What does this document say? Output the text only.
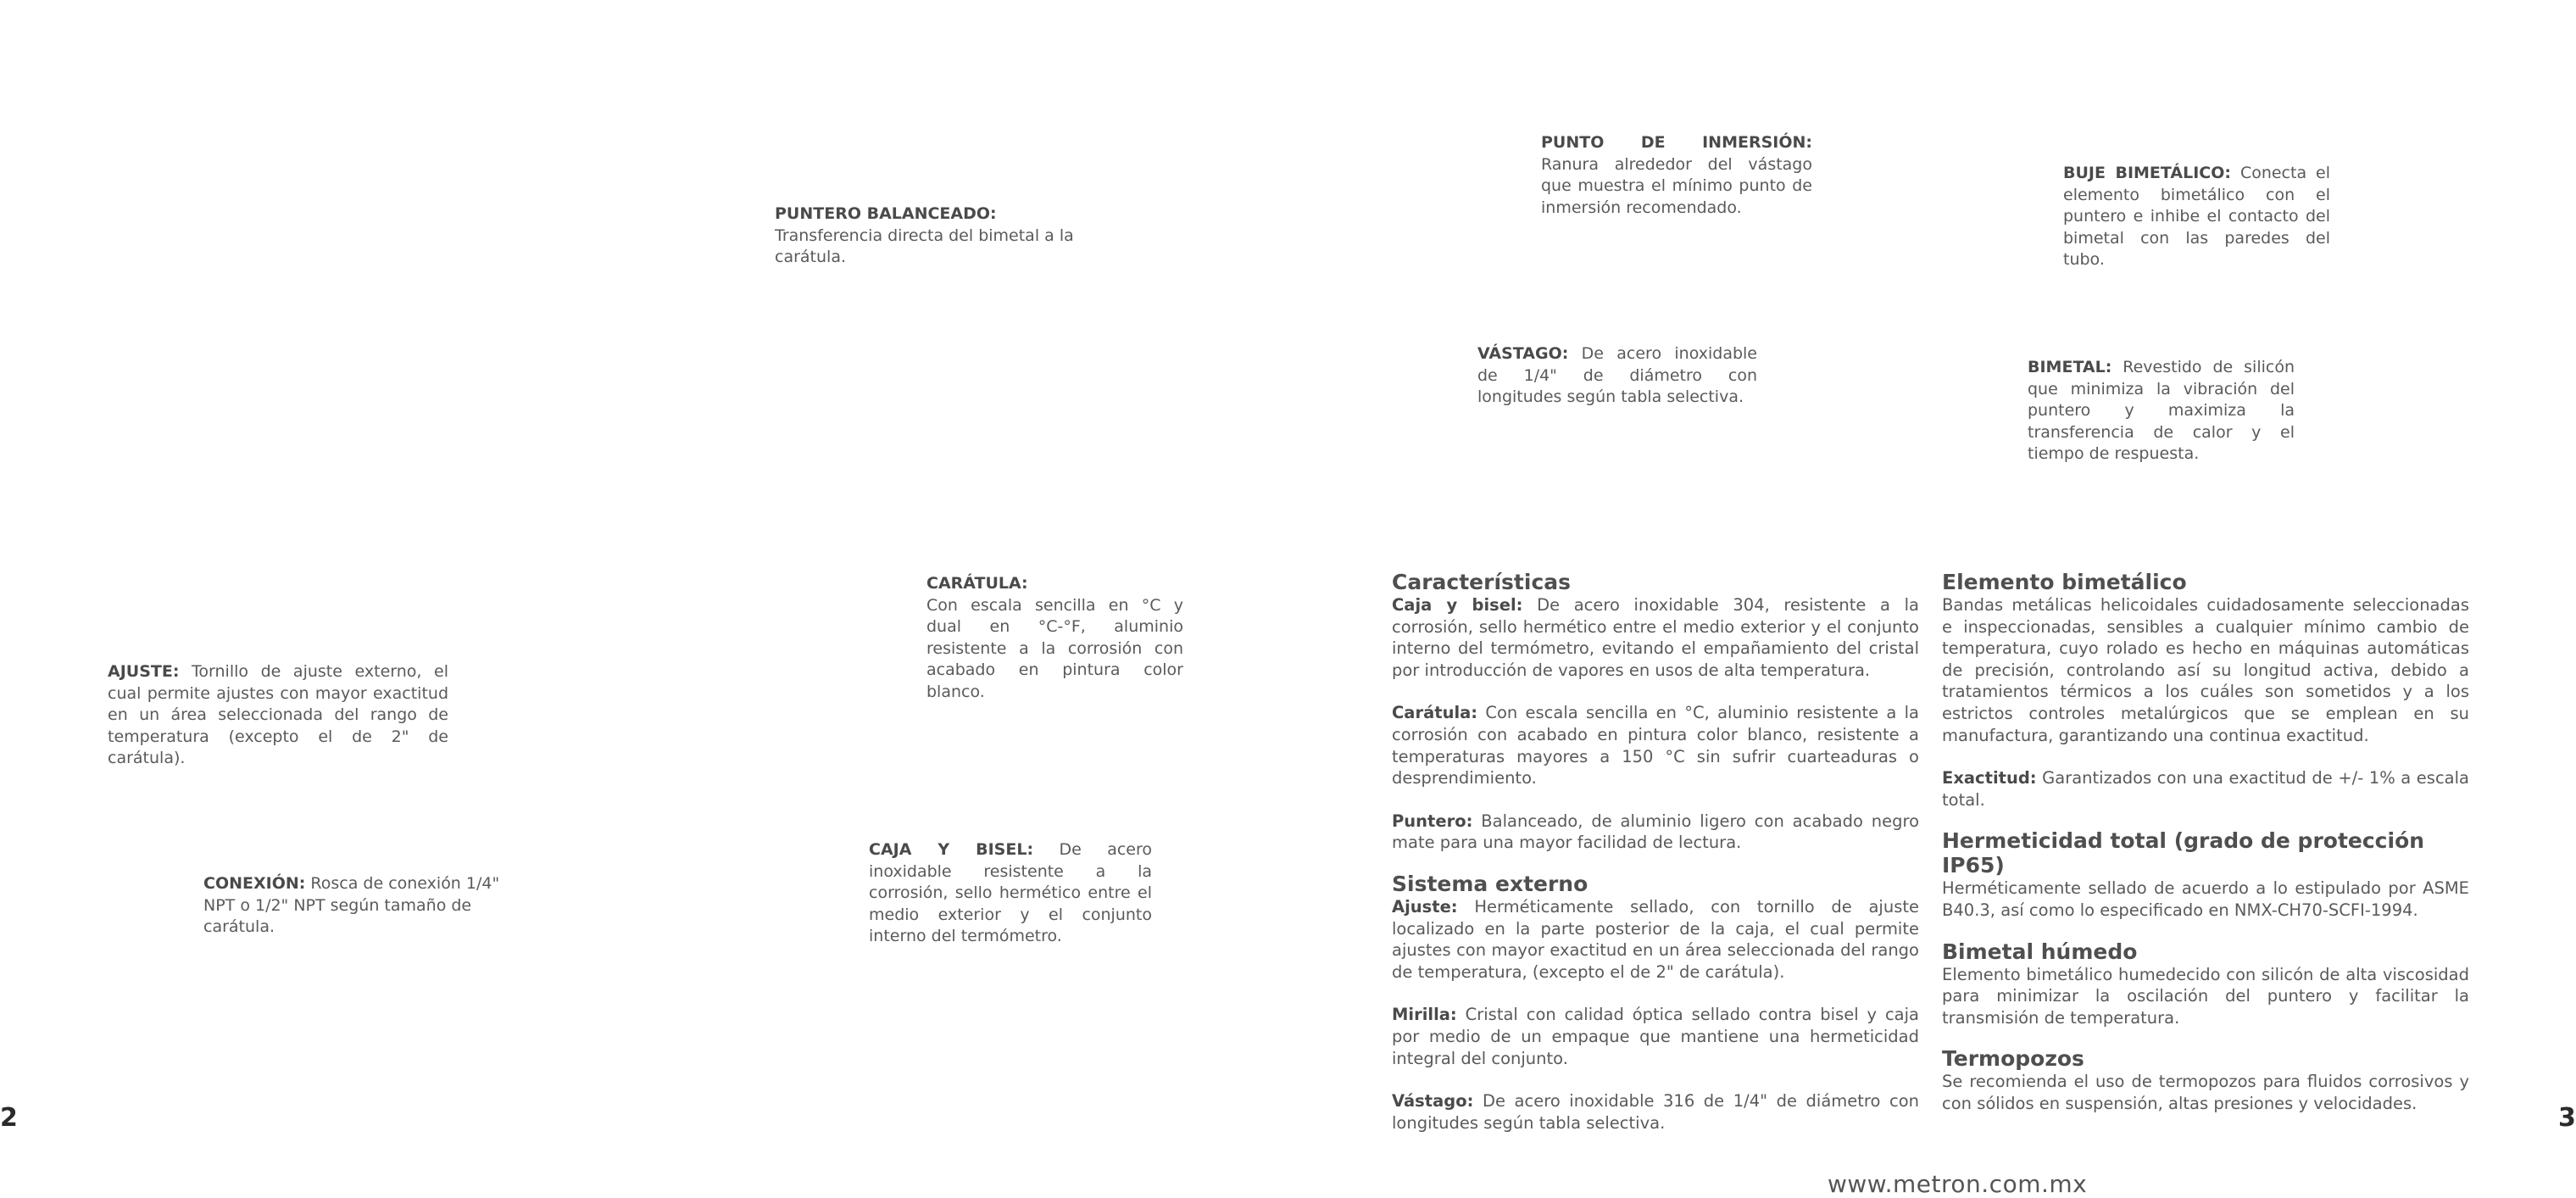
PUNTERO BALANCEADO:
Transferencia directa del bimetal a la carátula.

CARÁTULA:
Con escala sencilla en °C y dual en °C-°F, aluminio resistente a la corrosión con acabado en pintura color blanco.

AJUSTE: Tornillo de ajuste externo, el cual permite ajustes con mayor exactitud en un área seleccionada del rango de temperatura (excepto el de 2" de carátula).

CONEXIÓN: Rosca de conexión 1/4" NPT o 1/2" NPT según tamaño de carátula.

CAJA Y BISEL: De acero inoxidable resistente a la corrosión, sello hermético entre el medio exterior y el conjunto interno del termómetro.

PUNTO DE INMERSIÓN: Ranura alrededor del vástago que muestra el mínimo punto de inmersión recomendado.

BUJE BIMETÁLICO: Conecta el elemento bimetálico con el puntero e inhibe el contacto del bimetal con las paredes del tubo.

VÁSTAGO: De acero inoxidable de 1/4" de diámetro con longitudes según tabla selectiva.

BIMETAL: Revestido de silicón que minimiza la vibración del puntero y maximiza la transferencia de calor y el tiempo de respuesta.

Características

Caja y bisel: De acero inoxidable 304, resistente a la corrosión, sello hermético entre el medio exterior y el conjunto interno del termómetro, evitando el empañamiento del cristal por introducción de vapores en usos de alta temperatura.

Carátula: Con escala sencilla en °C, aluminio resistente a la corrosión con acabado en pintura color blanco, resistente a temperaturas mayores a 150 °C sin sufrir cuarteaduras o desprendimiento.

Puntero: Balanceado, de aluminio ligero con acabado negro mate para una mayor facilidad de lectura.

Sistema externo

Ajuste: Herméticamente sellado, con tornillo de ajuste localizado en la parte posterior de la caja, el cual permite ajustes con mayor exactitud en un área seleccionada del rango de temperatura, (excepto el de 2" de carátula).

Mirilla: Cristal con calidad óptica sellado contra bisel y caja por medio de un empaque que mantiene una hermeticidad integral del conjunto.

Vástago: De acero inoxidable 316 de 1/4" de diámetro con longitudes según tabla selectiva.

Elemento bimetálico

Bandas metálicas helicoidales cuidadosamente seleccionadas e inspeccionadas, sensibles a cualquier mínimo cambio de temperatura, cuyo rolado es hecho en máquinas automáticas de precisión, controlando así su longitud activa, debido a tratamientos térmicos a los cuáles son sometidos y a los estrictos controles metalúrgicos que se emplean en su manufactura, garantizando una continua exactitud.

Exactitud: Garantizados con una exactitud de +/- 1% a escala total.

Hermeticidad total (grado de protección IP65)

Herméticamente sellado de acuerdo a lo estipulado por ASME B40.3, así como lo especificado en NMX-CH70-SCFI-1994.

Bimetal húmedo

Elemento bimetálico humedecido con silicón de alta viscosidad para minimizar la oscilación del puntero y facilitar la transmisión de temperatura.

Termopozos

Se recomienda el uso de termopozos para fluidos corrosivos y con sólidos en suspensión, altas presiones y velocidades.

2	3
www.metron.com.mx
